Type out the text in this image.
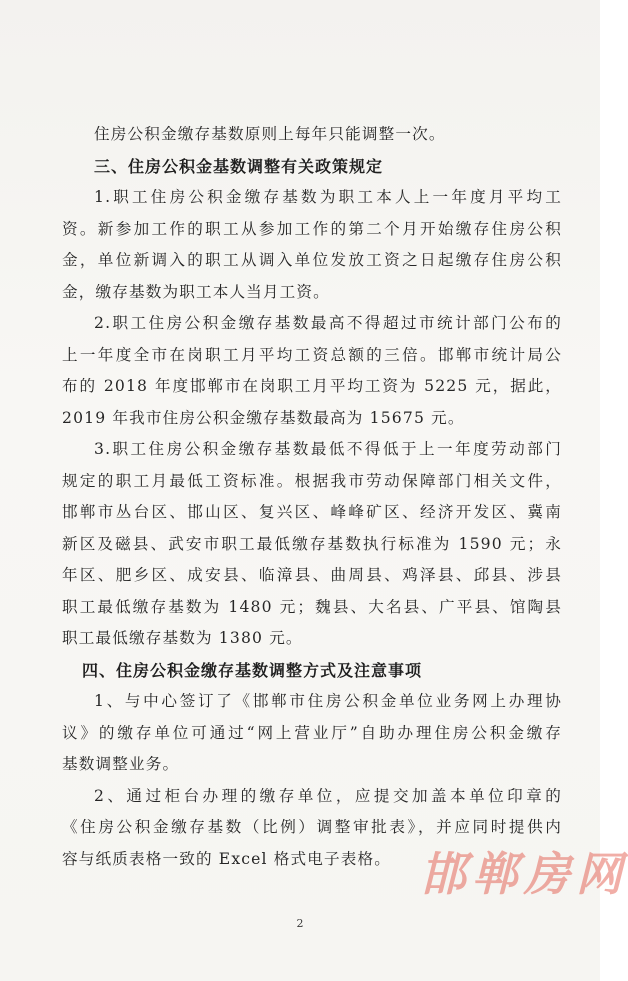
住房公积金缴存基数原则上每年只能调整一次。
三、住房公积金基数调整有关政策规定
1.职工住房公积金缴存基数为职工本人上一年度月平均工
资。新参加工作的职工从参加工作的第二个月开始缴存住房公积
金，单位新调入的职工从调入单位发放工资之日起缴存住房公积
金，缴存基数为职工本人当月工资。
2.职工住房公积金缴存基数最高不得超过市统计部门公布的
上一年度全市在岗职工月平均工资总额的三倍。邯郸市统计局公
布的 2018 年度邯郸市在岗职工月平均工资为 5225 元，据此，
2019 年我市住房公积金缴存基数最高为 15675 元。
3.职工住房公积金缴存基数最低不得低于上一年度劳动部门
规定的职工月最低工资标准。根据我市劳动保障部门相关文件，
邯郸市丛台区、邯山区、复兴区、峰峰矿区、经济开发区、冀南
新区及磁县、武安市职工最低缴存基数执行标准为 1590 元；永
年区、肥乡区、成安县、临漳县、曲周县、鸡泽县、邱县、涉县
职工最低缴存基数为 1480 元；魏县、大名县、广平县、馆陶县
职工最低缴存基数为 1380 元。
四、住房公积金缴存基数调整方式及注意事项
1、与中心签订了《邯郸市住房公积金单位业务网上办理协
议》的缴存单位可通过“网上营业厅”自助办理住房公积金缴存
基数调整业务。
2、通过柜台办理的缴存单位，应提交加盖本单位印章的
《住房公积金缴存基数（比例）调整审批表》，并应同时提供内
容与纸质表格一致的 Excel 格式电子表格。 邯郸房网
2
